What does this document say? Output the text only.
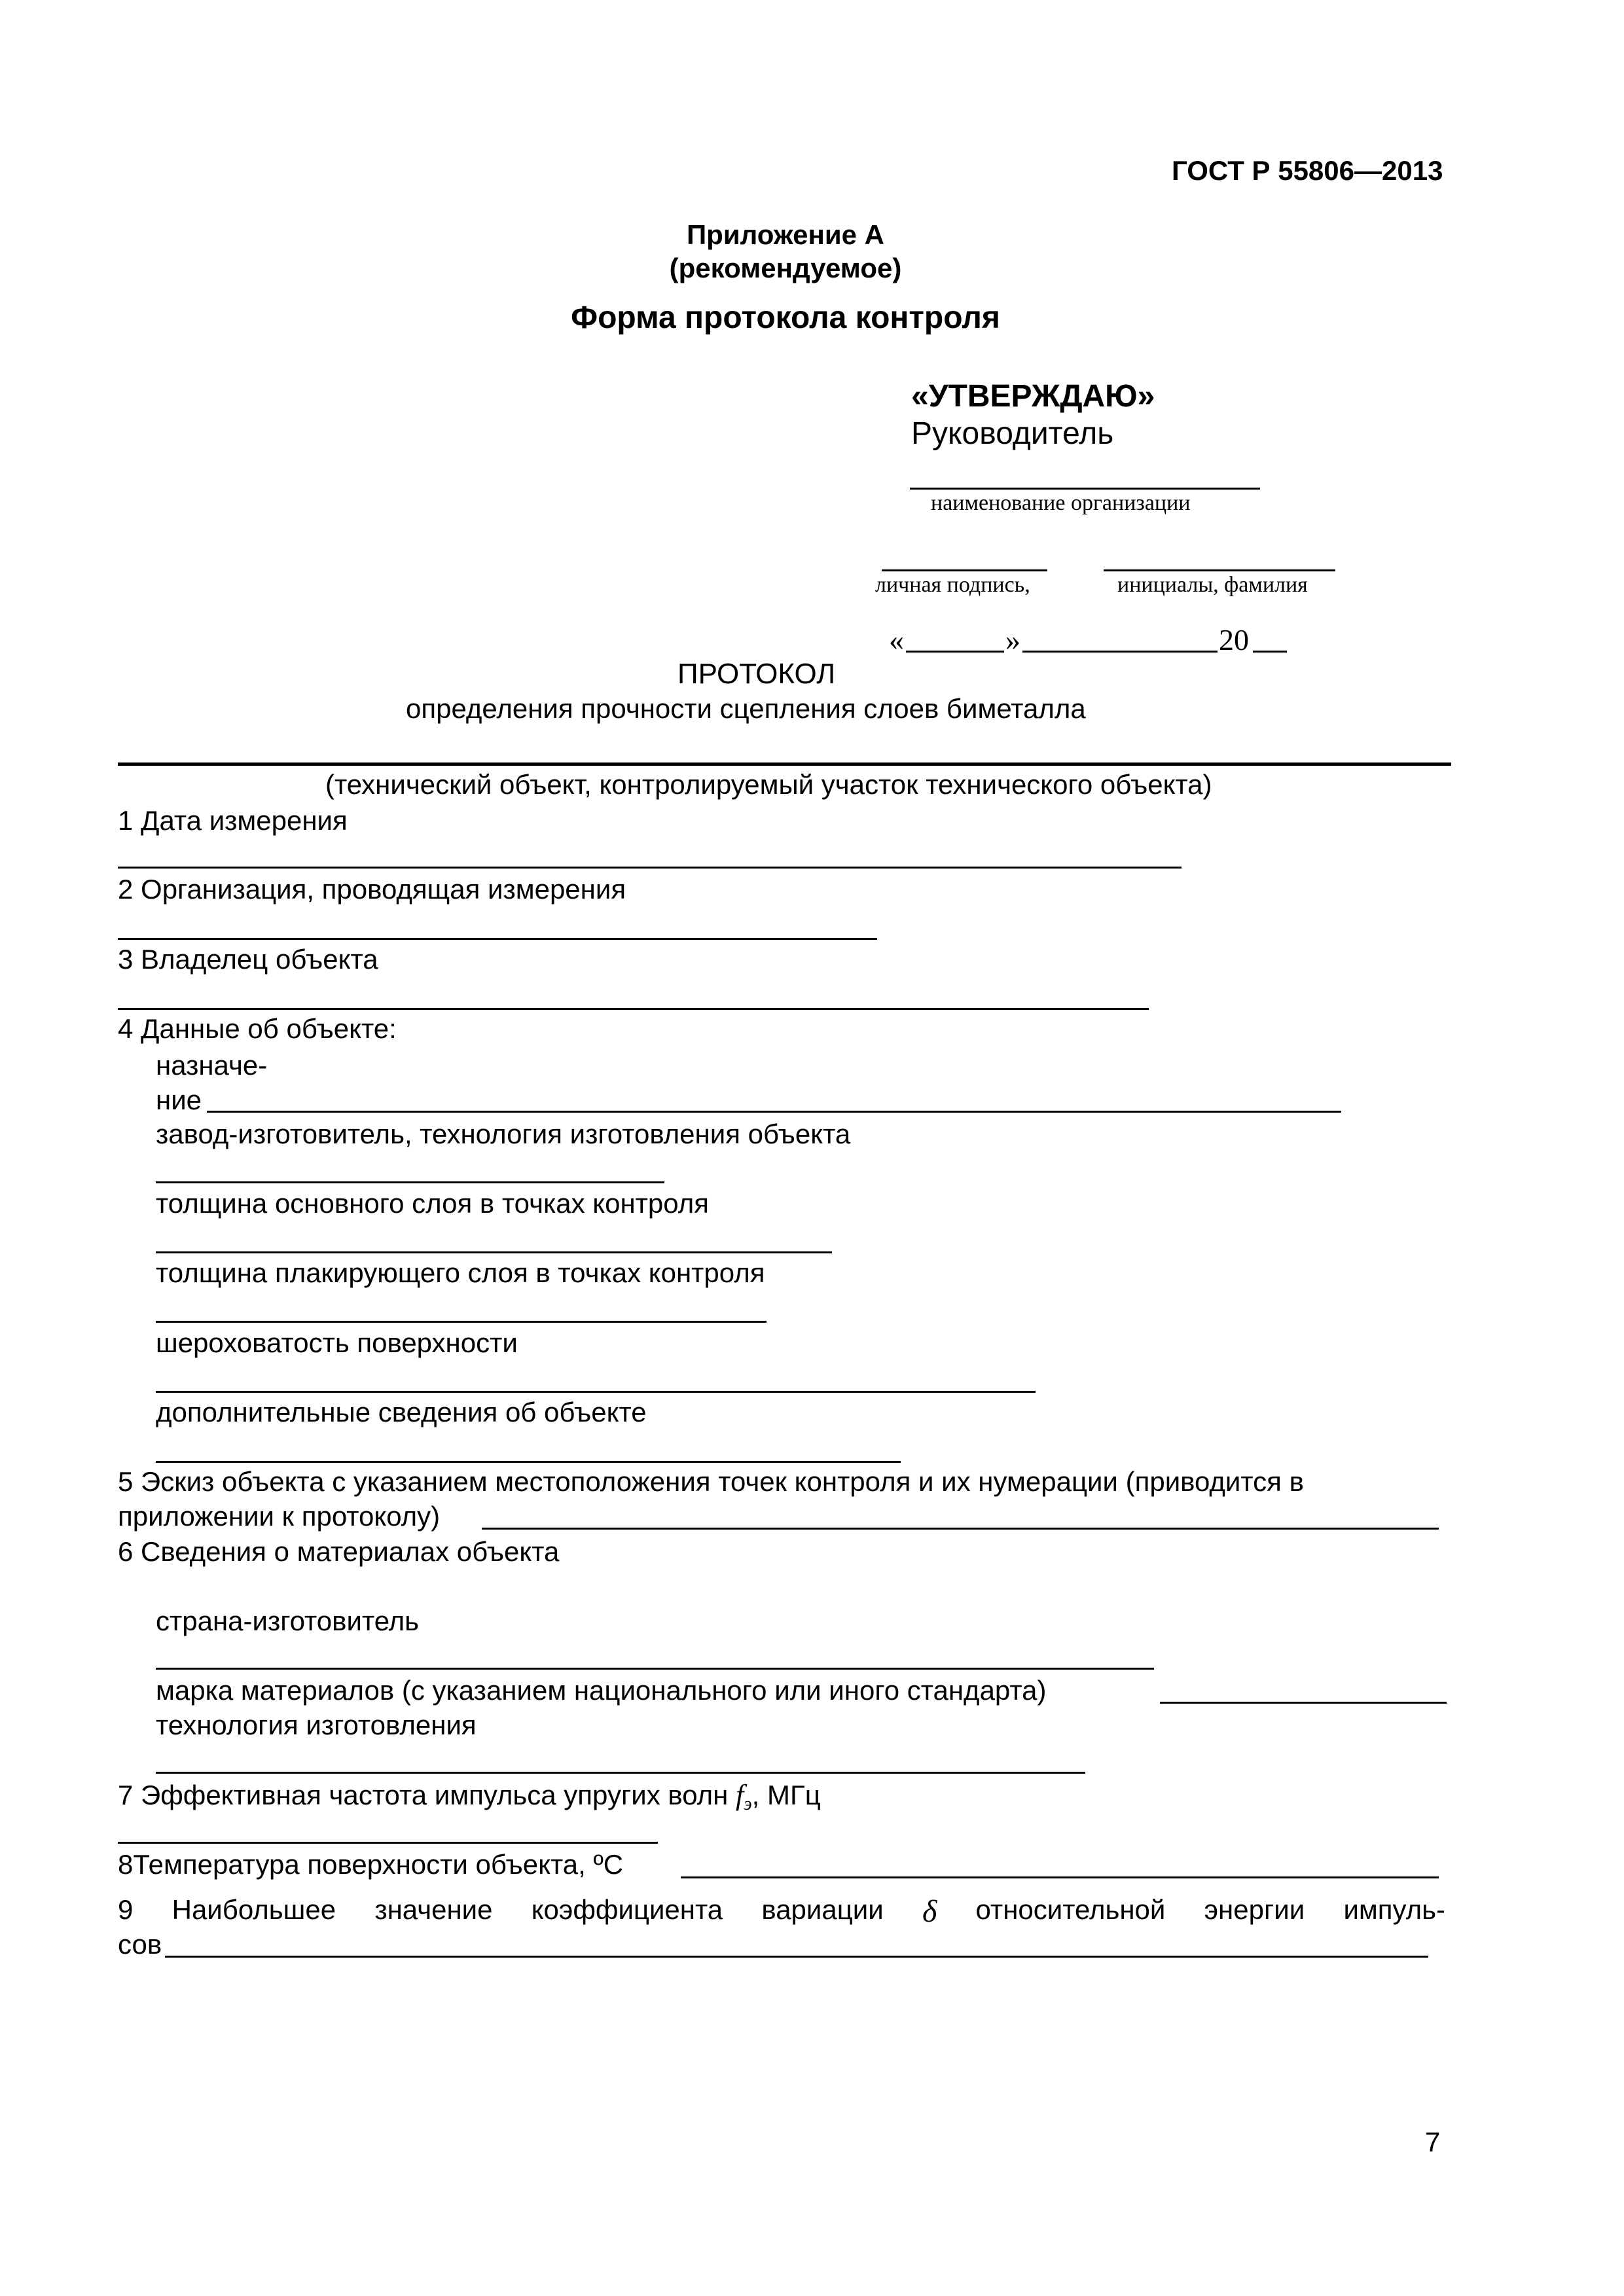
ГОСТ Р 55806—2013
Приложение А
(рекомендуемое)
Форма протокола контроля
«УТВЕРЖДАЮ»
Руководитель
наименование организации
личная подпись,	инициалы, фамилия
«	»	20
ПРОТОКОЛ
определения прочности сцепления слоев биметалла
(технический объект, контролируемый участок технического объекта)
1 Дата измерения
2 Организация, проводящая измерения
3 Владелец объекта
4 Данные об объекте:
назначе-
ние
завод-изготовитель, технология изготовления объекта
толщина основного слоя в точках контроля
толщина плакирующего слоя в точках контроля
шероховатость поверхности
дополнительные сведения об объекте
5 Эскиз объекта с указанием местоположения точек контроля и их нумерации (приводится в
приложении к протоколу)
6 Сведения о материалах объекта
страна-изготовитель
марка материалов (с указанием национального или иного стандарта)
технология изготовления
7 Эффективная частота импульса упругих волн fэ, МГц
8Температура поверхности объекта, ºС
9 Наибольшее значение коэффициента вариации δ относительной энергии импуль-
сов
7
